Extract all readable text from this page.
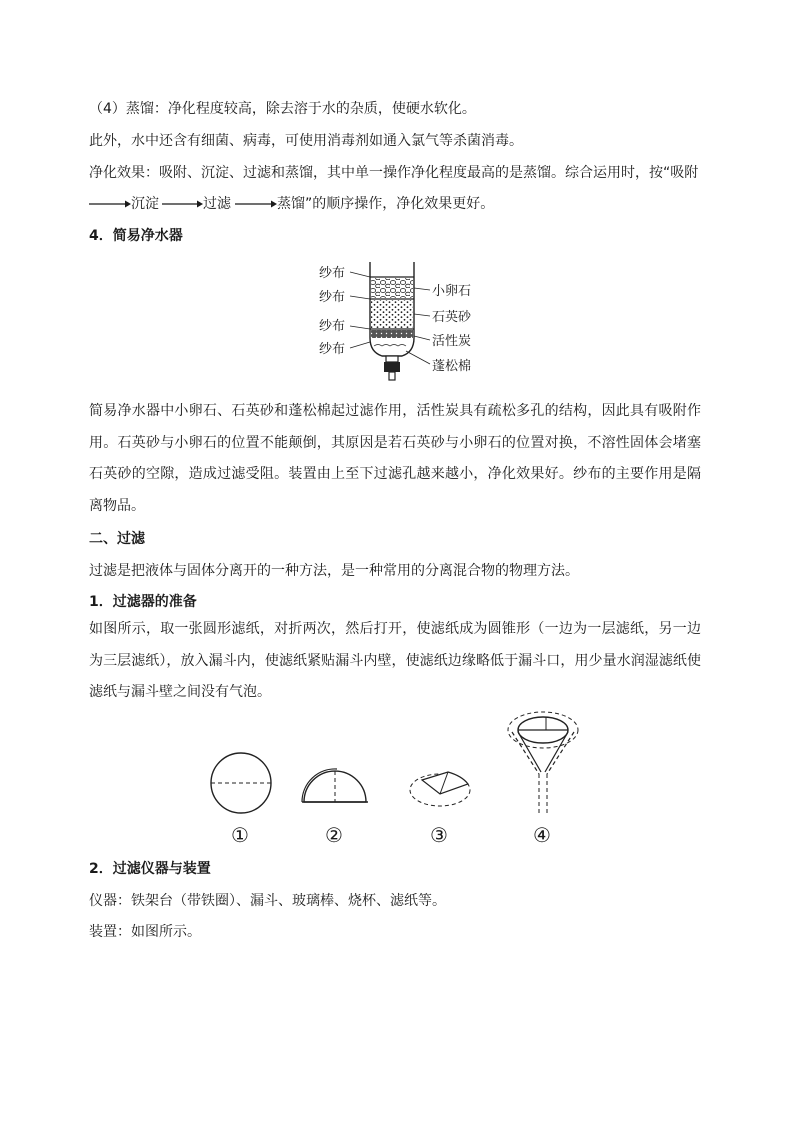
（4）蒸馏：净化程度较高，除去溶于水的杂质，使硬水软化。
此外，水中还含有细菌、病毒，可使用消毒剂如通入氯气等杀菌消毒。
净化效果：吸附、沉淀、过滤和蒸馏，其中单一操作净化程度最高的是蒸馏。综合运用时，按“吸附
沉淀	过滤	蒸馏”的顺序操作，净化效果更好。
4．简易净水器
纱布
纱布
纱布
纱布
小卵石
石英砂
活性炭
蓬松棉
简易净水器中小卵石、石英砂和蓬松棉起过滤作用，活性炭具有疏松多孔的结构，因此具有吸附作用。石英砂与小卵石的位置不能颠倒，其原因是若石英砂与小卵石的位置对换，不溶性固体会堵塞石英砂的空隙，造成过滤受阻。装置由上至下过滤孔越来越小，净化效果好。纱布的主要作用是隔离物品。
二、过滤
过滤是把液体与固体分离开的一种方法，是一种常用的分离混合物的物理方法。
1．过滤器的准备
如图所示，取一张圆形滤纸，对折两次，然后打开，使滤纸成为圆锥形（一边为一层滤纸，另一边为三层滤纸），放入漏斗内，使滤纸紧贴漏斗内壁，使滤纸边缘略低于漏斗口，用少量水润湿滤纸使滤纸与漏斗壁之间没有气泡。
①	②	③	④
2．过滤仪器与装置
仪器：铁架台（带铁圈）、漏斗、玻璃棒、烧杯、滤纸等。
装置：如图所示。
